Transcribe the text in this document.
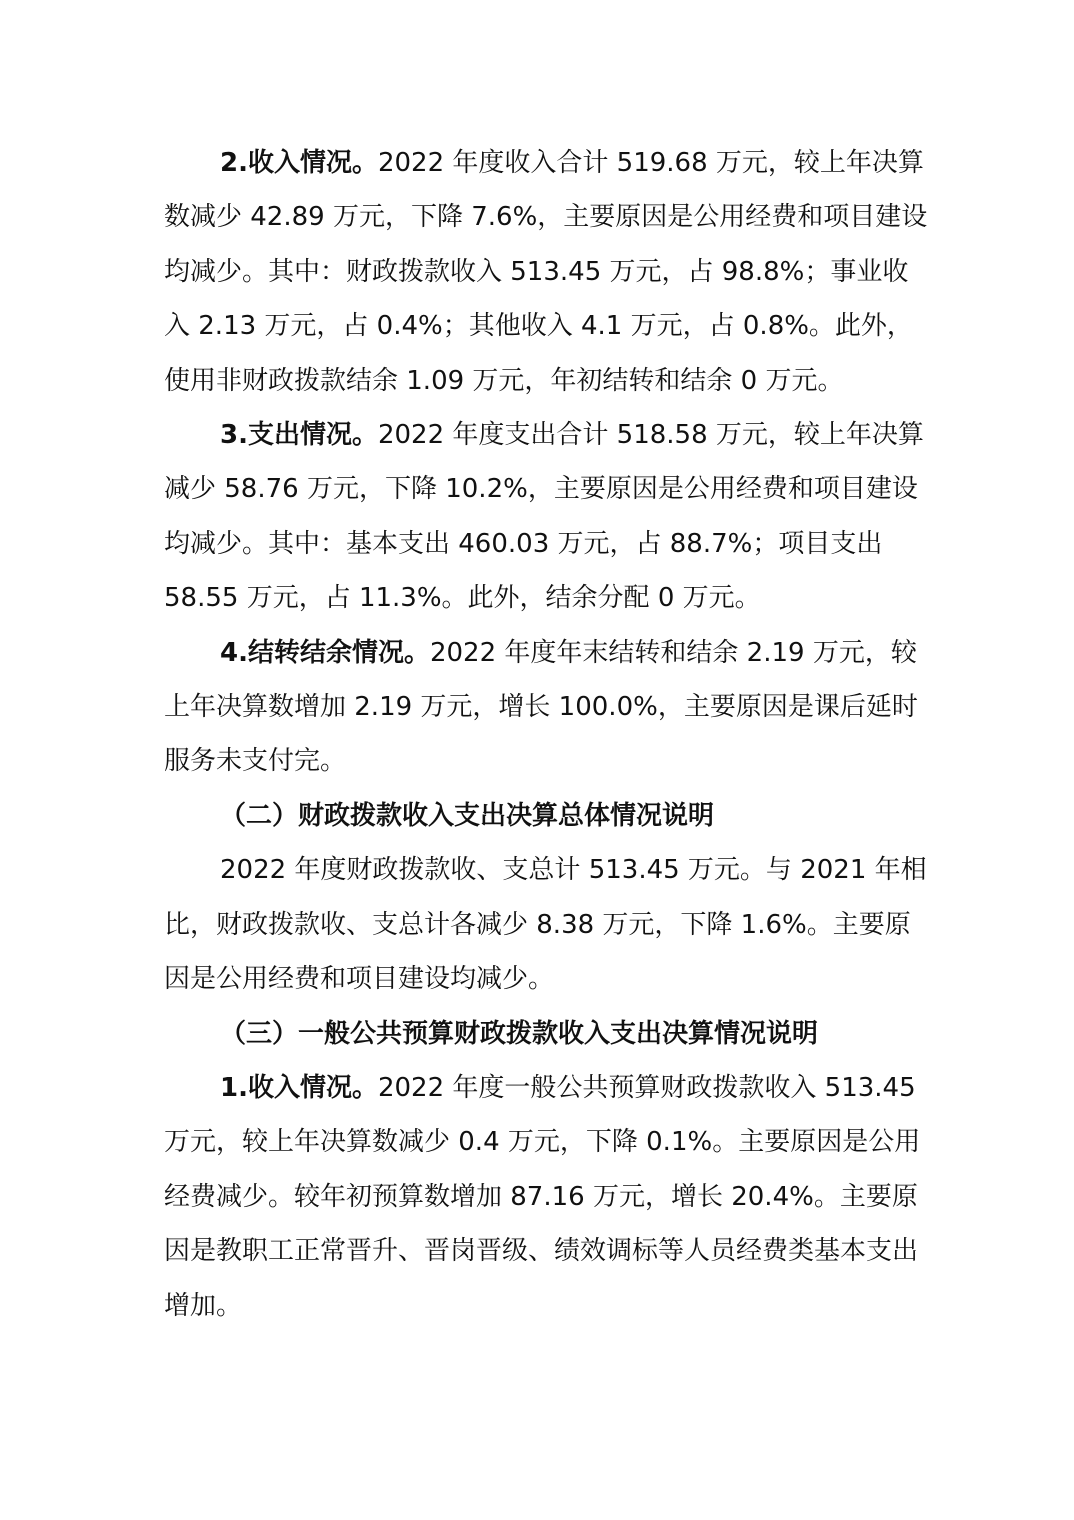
2.收入情况。2022 年度收入合计 519.68 万元，较上年决算数减少 42.89 万元，下降 7.6%，主要原因是公用经费和项目建设均减少。其中：财政拨款收入 513.45 万元，占 98.8%；事业收入 2.13 万元，占 0.4%；其他收入 4.1 万元，占 0.8%。此外，使用非财政拨款结余 1.09 万元，年初结转和结余 0 万元。

3.支出情况。2022 年度支出合计 518.58 万元，较上年决算减少 58.76 万元，下降 10.2%，主要原因是公用经费和项目建设均减少。其中：基本支出 460.03 万元，占 88.7%；项目支出 58.55 万元，占 11.3%。此外，结余分配 0 万元。

4.结转结余情况。2022 年度年末结转和结余 2.19 万元，较上年决算数增加 2.19 万元，增长 100.0%，主要原因是课后延时服务未支付完。

（二）财政拨款收入支出决算总体情况说明

2022 年度财政拨款收、支总计 513.45 万元。与 2021 年相比，财政拨款收、支总计各减少 8.38 万元，下降 1.6%。主要原因是公用经费和项目建设均减少。

（三）一般公共预算财政拨款收入支出决算情况说明

1.收入情况。2022 年度一般公共预算财政拨款收入 513.45 万元，较上年决算数减少 0.4 万元，下降 0.1%。主要原因是公用经费减少。较年初预算数增加 87.16 万元，增长 20.4%。主要原因是教职工正常晋升、晋岗晋级、绩效调标等人员经费类基本支出增加。
